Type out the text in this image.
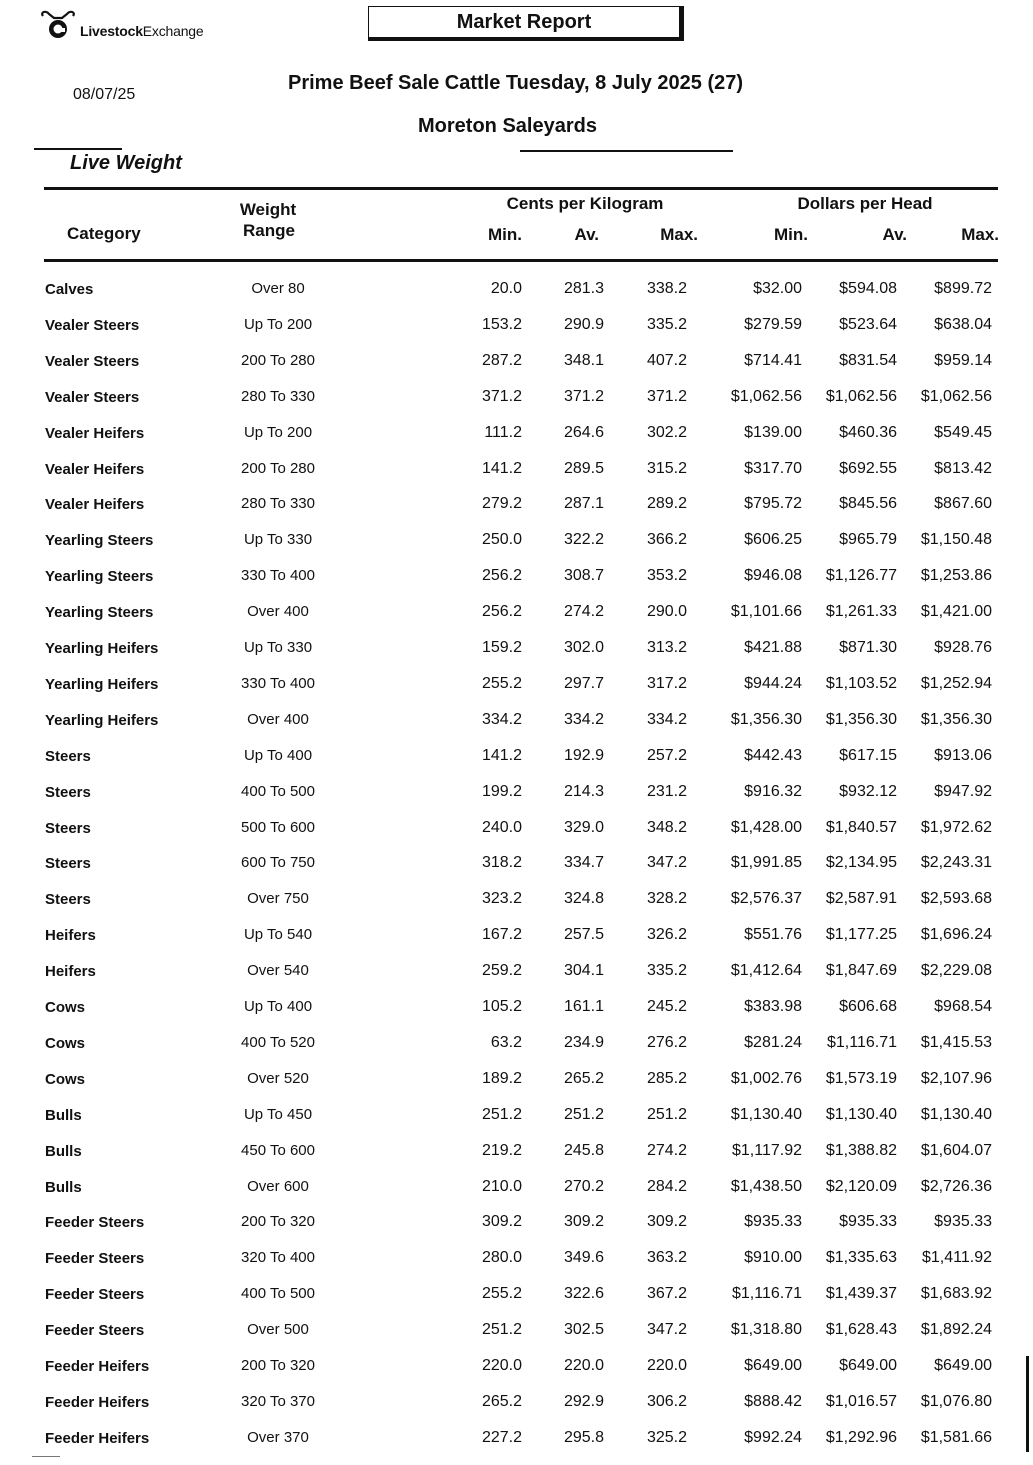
LivestockExchange	Market Report
08/07/25
Prime Beef Sale Cattle Tuesday, 8 July 2025 (27)
Moreton Saleyards
Live Weight
Category
Weight
Range
Cents per Kilogram	Dollars per Head
Min.	Av.	Max.	Min.	Av.	Max.
Calves	Over 80	20.0	281.3	338.2	$32.00	$594.08	$899.72
Vealer Steers	Up To 200	153.2	290.9	335.2	$279.59	$523.64	$638.04
Vealer Steers	200 To 280	287.2	348.1	407.2	$714.41	$831.54	$959.14
Vealer Steers	280 To 330	371.2	371.2	371.2	$1,062.56	$1,062.56	$1,062.56
Vealer Heifers	Up To 200	111.2	264.6	302.2	$139.00	$460.36	$549.45
Vealer Heifers	200 To 280	141.2	289.5	315.2	$317.70	$692.55	$813.42
Vealer Heifers	280 To 330	279.2	287.1	289.2	$795.72	$845.56	$867.60
Yearling Steers	Up To 330	250.0	322.2	366.2	$606.25	$965.79	$1,150.48
Yearling Steers	330 To 400	256.2	308.7	353.2	$946.08	$1,126.77	$1,253.86
Yearling Steers	Over 400	256.2	274.2	290.0	$1,101.66	$1,261.33	$1,421.00
Yearling Heifers	Up To 330	159.2	302.0	313.2	$421.88	$871.30	$928.76
Yearling Heifers	330 To 400	255.2	297.7	317.2	$944.24	$1,103.52	$1,252.94
Yearling Heifers	Over 400	334.2	334.2	334.2	$1,356.30	$1,356.30	$1,356.30
Steers	Up To 400	141.2	192.9	257.2	$442.43	$617.15	$913.06
Steers	400 To 500	199.2	214.3	231.2	$916.32	$932.12	$947.92
Steers	500 To 600	240.0	329.0	348.2	$1,428.00	$1,840.57	$1,972.62
Steers	600 To 750	318.2	334.7	347.2	$1,991.85	$2,134.95	$2,243.31
Steers	Over 750	323.2	324.8	328.2	$2,576.37	$2,587.91	$2,593.68
Heifers	Up To 540	167.2	257.5	326.2	$551.76	$1,177.25	$1,696.24
Heifers	Over 540	259.2	304.1	335.2	$1,412.64	$1,847.69	$2,229.08
Cows	Up To 400	105.2	161.1	245.2	$383.98	$606.68	$968.54
Cows	400 To 520	63.2	234.9	276.2	$281.24	$1,116.71	$1,415.53
Cows	Over 520	189.2	265.2	285.2	$1,002.76	$1,573.19	$2,107.96
Bulls	Up To 450	251.2	251.2	251.2	$1,130.40	$1,130.40	$1,130.40
Bulls	450 To 600	219.2	245.8	274.2	$1,117.92	$1,388.82	$1,604.07
Bulls	Over 600	210.0	270.2	284.2	$1,438.50	$2,120.09	$2,726.36
Feeder Steers	200 To 320	309.2	309.2	309.2	$935.33	$935.33	$935.33
Feeder Steers	320 To 400	280.0	349.6	363.2	$910.00	$1,335.63	$1,411.92
Feeder Steers	400 To 500	255.2	322.6	367.2	$1,116.71	$1,439.37	$1,683.92
Feeder Steers	Over 500	251.2	302.5	347.2	$1,318.80	$1,628.43	$1,892.24
Feeder Heifers	200 To 320	220.0	220.0	220.0	$649.00	$649.00	$649.00
Feeder Heifers	320 To 370	265.2	292.9	306.2	$888.42	$1,016.57	$1,076.80
Feeder Heifers	Over 370	227.2	295.8	325.2	$992.24	$1,292.96	$1,581.66
